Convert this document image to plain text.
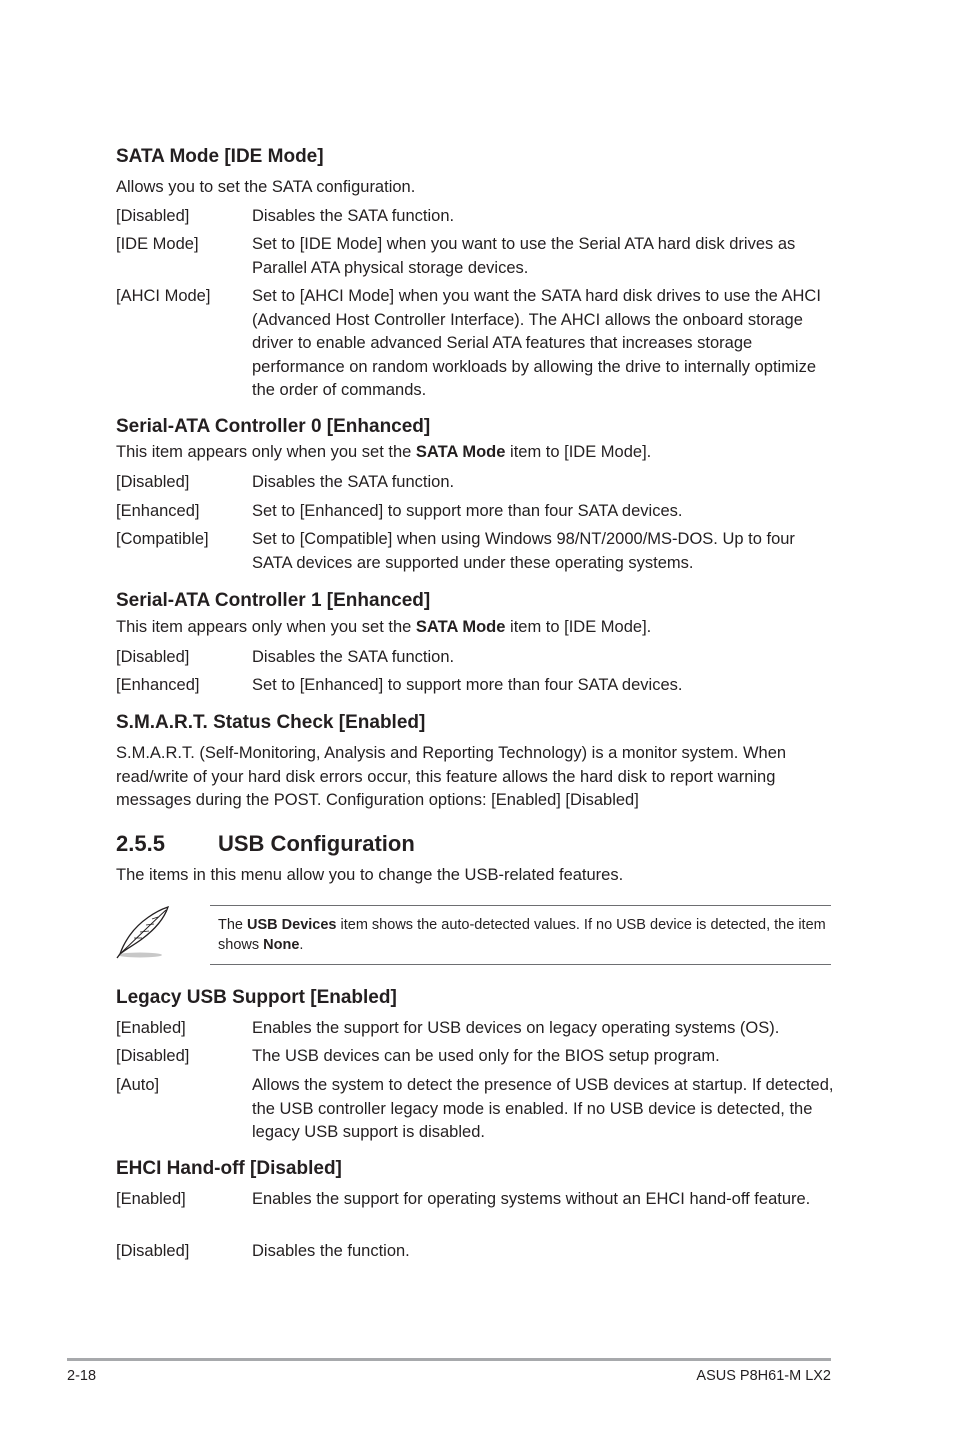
SATA Mode [IDE Mode]

Allows you to set the SATA configuration.

[Disabled]	Disables the SATA function.
[IDE Mode]	Set to [IDE Mode] when you want to use the Serial ATA hard disk drives as Parallel ATA physical storage devices.
[AHCI Mode]	Set to [AHCI Mode] when you want the SATA hard disk drives to use the AHCI (Advanced Host Controller Interface). The AHCI allows the onboard storage driver to enable advanced Serial ATA features that increases storage performance on random workloads by allowing the drive to internally optimize the order of commands.
Serial-ATA Controller 0 [Enhanced]

This item appears only when you set the SATA Mode item to [IDE Mode].

[Disabled]	Disables the SATA function.
[Enhanced]	Set to [Enhanced] to support more than four SATA devices.
[Compatible]	Set to [Compatible] when using Windows 98/NT/2000/MS-DOS. Up to four SATA devices are supported under these operating systems.
Serial-ATA Controller 1 [Enhanced]

This item appears only when you set the SATA Mode item to [IDE Mode].

[Disabled]	Disables the SATA function.
[Enhanced]	Set to [Enhanced] to support more than four SATA devices.
S.M.A.R.T. Status Check [Enabled]

S.M.A.R.T. (Self-Monitoring, Analysis and Reporting Technology) is a monitor system. When read/write of your hard disk errors occur, this feature allows the hard disk to report warning messages during the POST. Configuration options: [Enabled] [Disabled]

2.5.5 USB Configuration

The items in this menu allow you to change the USB-related features.

The USB Devices item shows the auto-detected values. If no USB device is detected, the item shows None.

Legacy USB Support [Enabled]
[Enabled]	Enables the support for USB devices on legacy operating systems (OS).
[Disabled]	The USB devices can be used only for the BIOS setup program.
[Auto]	Allows the system to detect the presence of USB devices at startup. If detected, the USB controller legacy mode is enabled. If no USB device is detected, the legacy USB support is disabled.
EHCI Hand-off [Disabled]
[Enabled]	Enables the support for operating systems without an EHCI hand-off feature.
[Disabled]	Disables the function.
2-18	ASUS P8H61-M LX2
